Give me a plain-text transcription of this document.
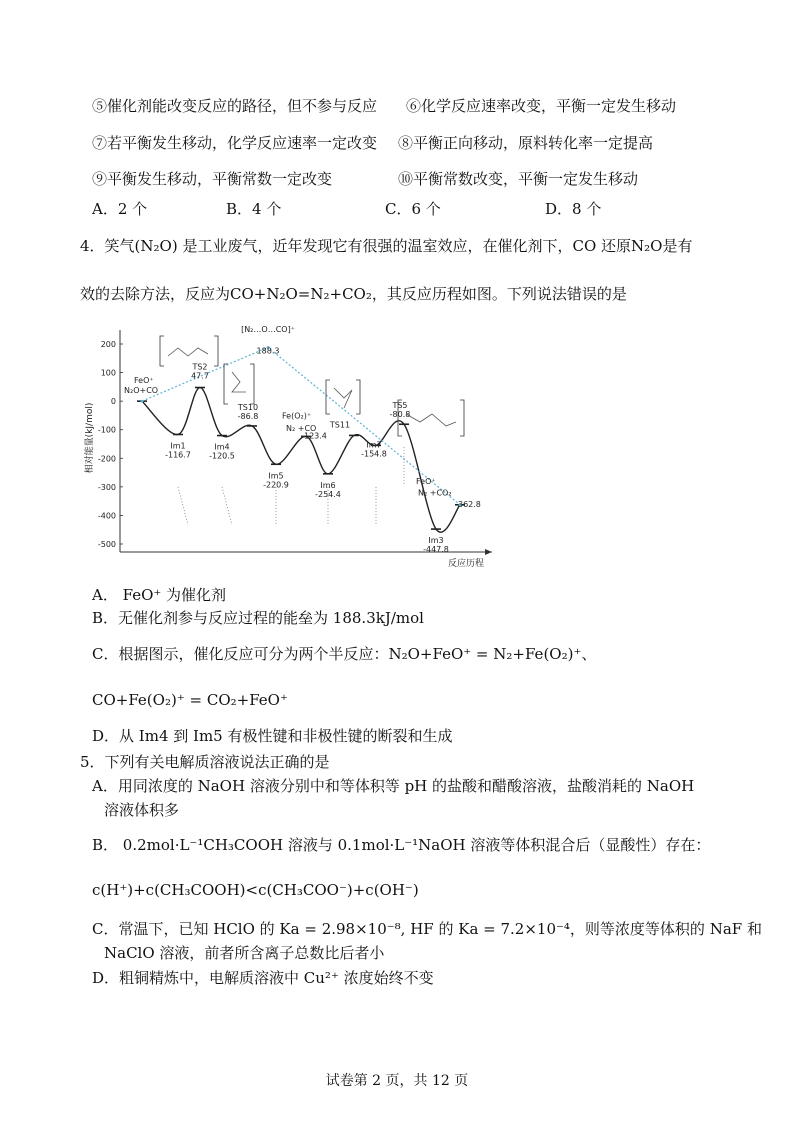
⑤催化剂能改变反应的路径，但不参与反应 ⑥化学反应速率改变，平衡一定发生移动
⑦若平衡发生移动，化学反应速率一定改变 ⑧平衡正向移动，原料转化率一定提高
⑨平衡发生移动，平衡常数一定改变	⑩平衡常数改变，平衡一定发生移动
A．2 个	B．4 个	C．6 个	D．8 个
4．笑气(N₂O) 是工业废气，近年发现它有很强的温室效应，在催化剂下，CO 还原N₂O是有
效的去除方法，反应为CO+N₂O=N₂+CO₂，其反应历程如图。下列说法错误的是
200
100
0
-100
-200
-300
-400
-500
相对能量(kJ/mol)
反应历程
Im1
-116.7
TS2
47.7
Im4
-120.5
TS10
-86.8
Im5
-220.9
-123.4
Im6
-254.4
TS11
Im7
-154.8
TS5
-80.8
Im3
-447.8
-362.8
188.3
FeO⁺
N₂O+CO
[N₂…O…CO]⁺
Fe(O₂)⁺
N₂ +CO
FeO⁺
N₂ +CO₂
A． FeO⁺ 为催化剂
B．无催化剂参与反应过程的能垒为 188.3kJ/mol
C．根据图示，催化反应可分为两个半反应：N₂O+FeO⁺ = N₂+Fe(O₂)⁺、
CO+Fe(O₂)⁺ = CO₂+FeO⁺
D．从 Im4 到 Im5 有极性键和非极性键的断裂和生成
5．下列有关电解质溶液说法正确的是
A．用同浓度的 NaOH 溶液分别中和等体积等 pH 的盐酸和醋酸溶液，盐酸消耗的 NaOH
溶液体积多
B． 0.2mol·L⁻¹CH₃COOH 溶液与 0.1mol·L⁻¹NaOH 溶液等体积混合后（显酸性）存在：
c(H⁺)+c(CH₃COOH)<c(CH₃COO⁻)+c(OH⁻)
C．常温下，已知 HClO 的 Ka = 2.98×10⁻⁸, HF 的 Ka = 7.2×10⁻⁴，则等浓度等体积的 NaF 和
NaClO 溶液，前者所含离子总数比后者小
D．粗铜精炼中，电解质溶液中 Cu²⁺ 浓度始终不变
试卷第 2 页，共 12 页
